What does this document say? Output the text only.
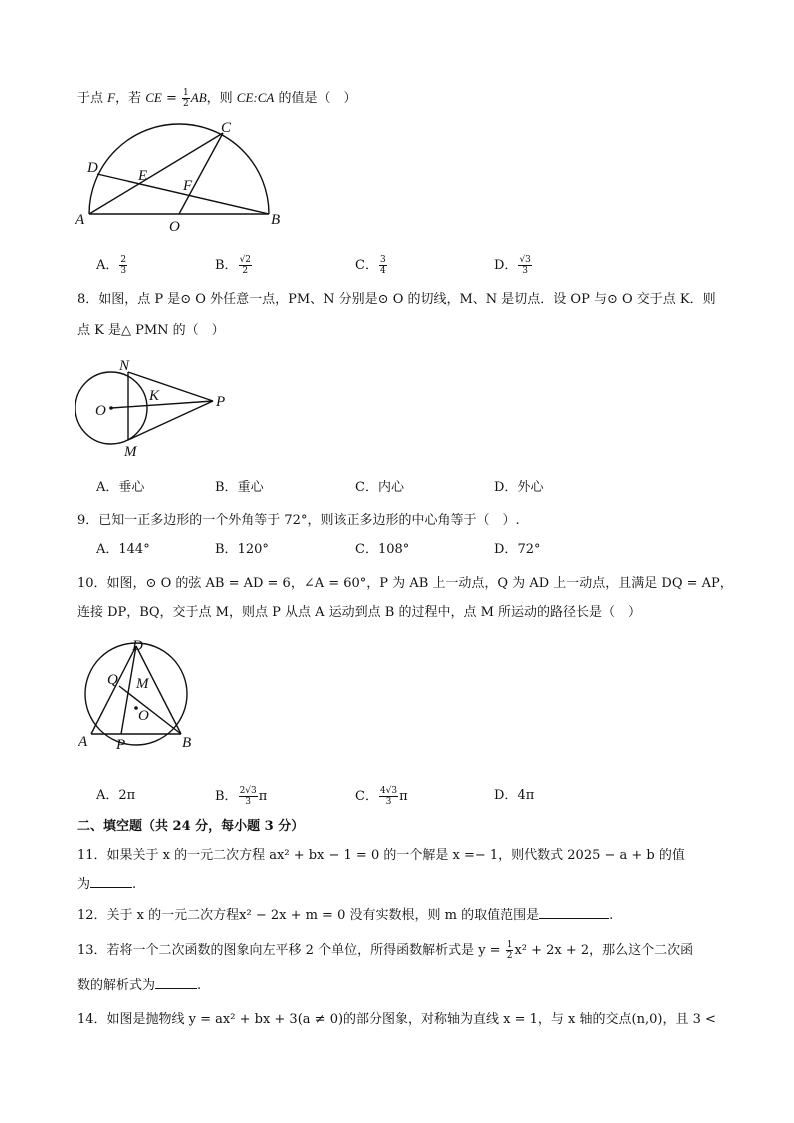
于点 F，若 CE = $\frac{1}{2}$ AB，则 CE:CA 的值是（　）
C
D	E
F
A	O	B
A． $\frac{2}{3}$	B． $\frac{√2}{2}$	C． $\frac{3}{4}$	D． $\frac{√3}{3}$
8．如图，点 P 是⊙ O 外任意一点，PM、N 分别是⊙ O 的切线，M、N 是切点．设 OP 与⊙ O 交于点 K．则
点 K 是△ PMN 的（　）
N
O
K	P
M
A．垂心	B．重心	C．内心	D．外心
9．已知一正多边形的一个外角等于 72°，则该正多边形的中心角等于（　）.
A．144°	B．120°	C．108°	D．72°
10．如图，⊙ O 的弦 AB = AD = 6，∠A = 60°，P 为 AB 上一动点，Q 为 AD 上一动点，且满足 DQ = AP，
连接 DP，BQ，交于点 M，则点 P 从点 A 运动到点 B 的过程中，点 M 所运动的路径长是（　）
D
Q M
O
A P	B
A．2π	B． $\frac{2√3}{3}$ π	C． $\frac{4√3}{3}$ π	D．4π
二、填空题（共 24 分，每小题 3 分）
11．如果关于 x 的一元二次方程 ax² + bx − 1 = 0 的一个解是 x =− 1，则代数式 2025 − a + b 的值
为	.
12．关于 x 的一元二次方程x² − 2x + m = 0 没有实数根，则 m 的取值范围是	.
13．若将一个二次函数的图象向左平移 2 个单位，所得函数解析式是 $y = \frac{1}{2} x^2 + 2x + 2$，那么这个二次函
数的解析式为	.
14．如图是抛物线 y = ax² + bx + 3(a ≠ 0)的部分图象，对称轴为直线 x = 1，与 x 轴的交点(n,0)，且 3 <
